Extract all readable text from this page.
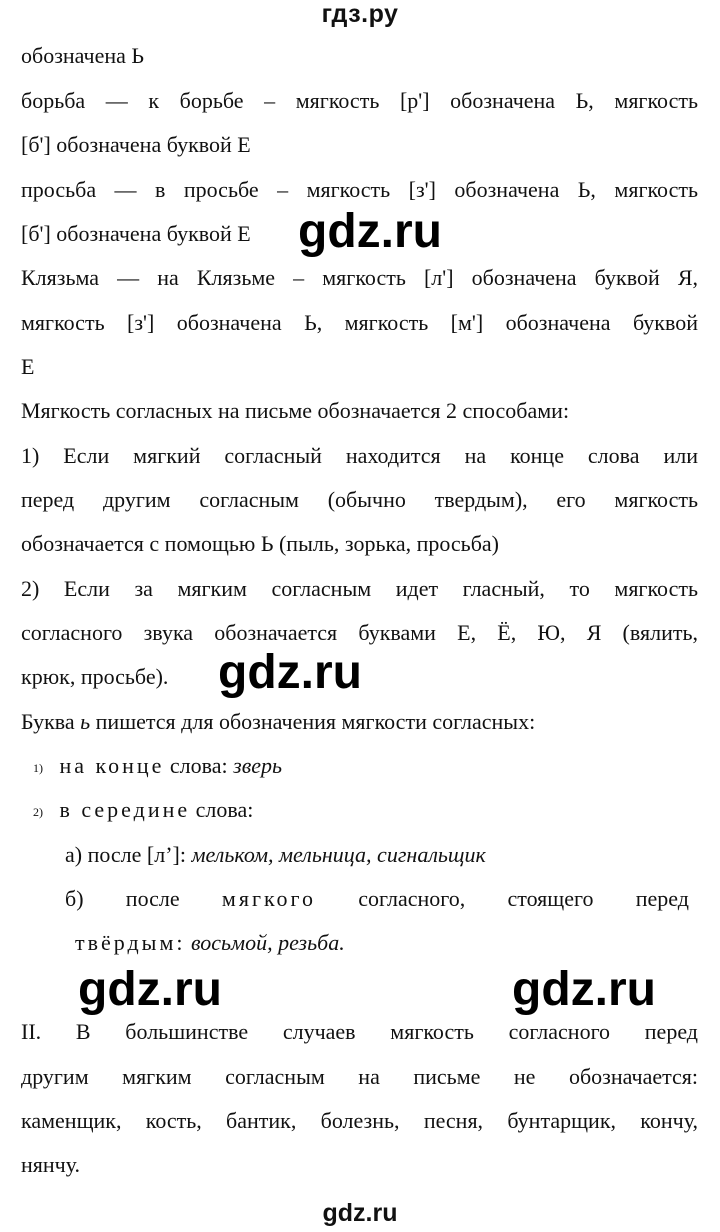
гдз.ру
обозначена Ь
борьба — к борьбе – мягкость [р'] обозначена Ь, мягкость
[б'] обозначена буквой Е
просьба — в просьбе – мягкость [з'] обозначена Ь, мягкость
[б'] обозначена буквой Е
Клязьма — на Клязьме – мягкость [л'] обозначена буквой Я,
мягкость [з'] обозначена Ь, мягкость [м'] обозначена буквой
Е
Мягкость согласных на письме обозначается 2 способами:
1) Если мягкий согласный находится на конце слова или
перед другим согласным (обычно твердым), его мягкость
обозначается с помощью Ь (пыль, зорька, просьба)
2) Если за мягким согласным идет гласный, то мягкость
согласного звука обозначается буквами Е, Ё, Ю, Я (вялить,
крюк, просьбе).
Буква ь пишется для обозначения мягкости согласных:
1) на конце слова: зверь
2) в середине слова:
а) после [л’]: мельком, мельница, сигнальщик
б) после мягкого согласного, стоящего перед
твёрдым: восьмой, резьба.
II. В большинстве случаев мягкость согласного перед
другим мягким согласным на письме не обозначается:
каменщик, кость, бантик, болезнь, песня, бунтарщик, кончу,
нянчу.
gdz.ru
gdz.ru
gdz.ru	gdz.ru
gdz.ru
